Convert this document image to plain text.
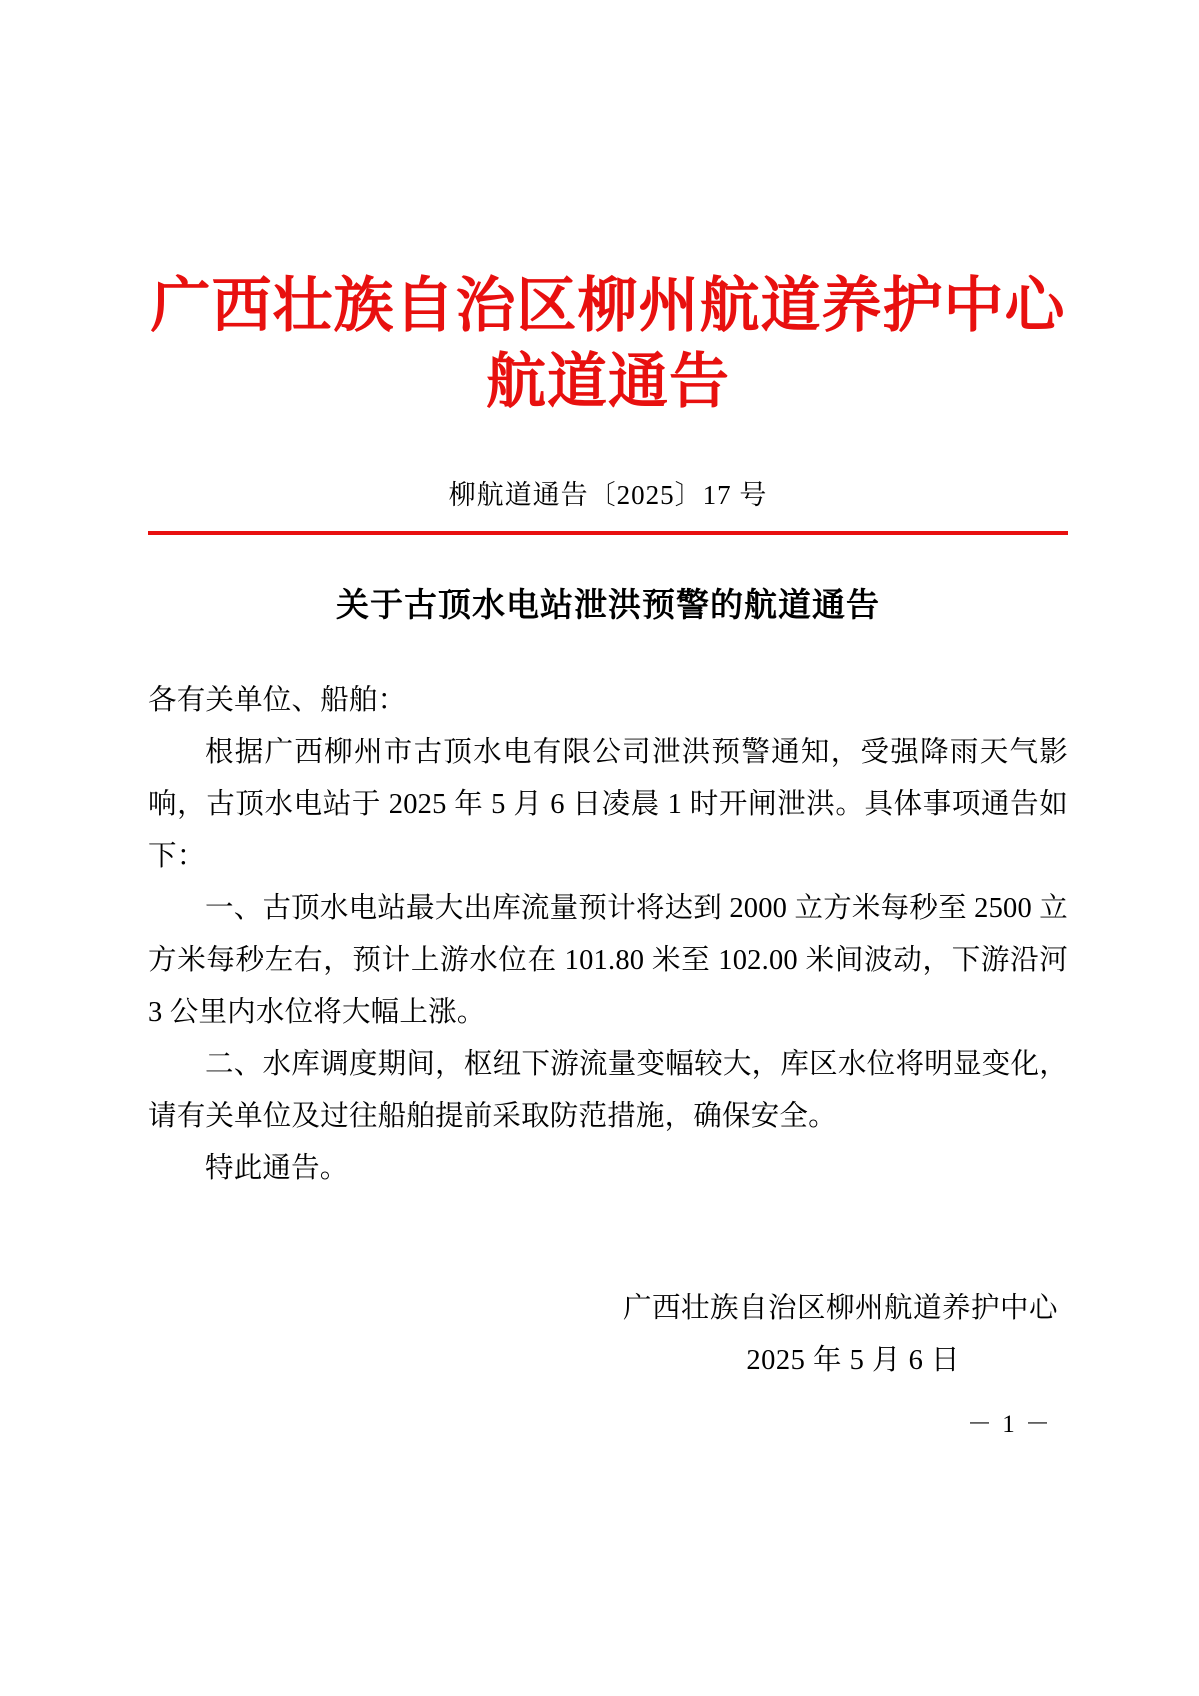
广西壮族自治区柳州航道养护中心
航道通告
柳航道通告〔2025〕17 号
关于古顶水电站泄洪预警的航道通告

各有关单位、船舶：

根据广西柳州市古顶水电有限公司泄洪预警通知，受强降雨天气影响，古顶水电站于 2025 年 5 月 6 日凌晨 1 时开闸泄洪。具体事项通告如下：

一、古顶水电站最大出库流量预计将达到 2000 立方米每秒至 2500 立方米每秒左右，预计上游水位在 101.80 米至 102.00 米间波动，下游沿河 3 公里内水位将大幅上涨。

二、水库调度期间，枢纽下游流量变幅较大，库区水位将明显变化，请有关单位及过往船舶提前采取防范措施，确保安全。

特此通告。

广西壮族自治区柳州航道养护中心
2025 年 5 月 6 日
－ 1 －
